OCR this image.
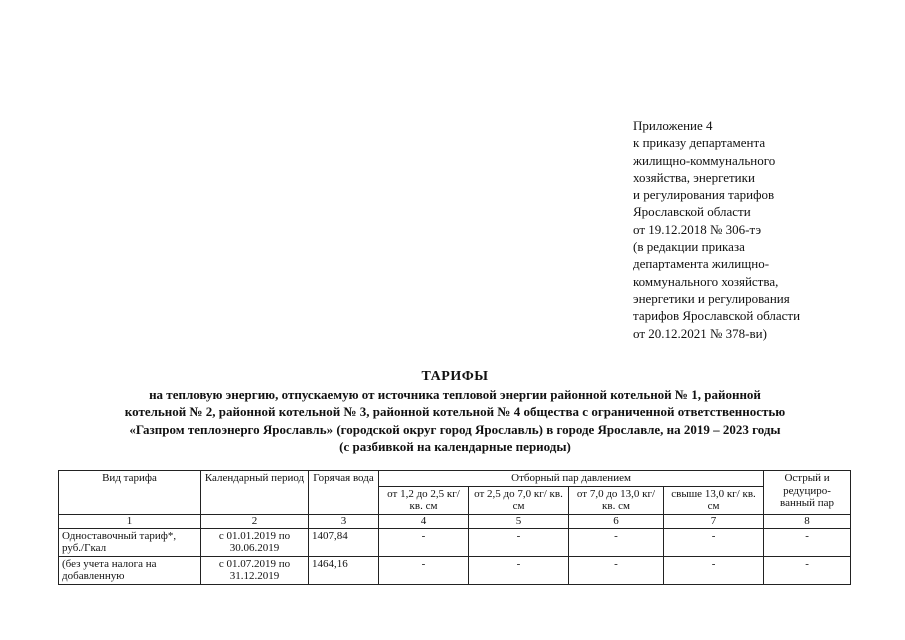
Приложение 4
к приказу департамента
жилищно-коммунального
хозяйства, энергетики
и регулирования тарифов
Ярославской области
от 19.12.2018 № 306-тэ
(в редакции приказа
департамента жилищно-
коммунального хозяйства,
энергетики и регулирования
тарифов Ярославской области
от 20.12.2021 № 378-ви)
ТАРИФЫ
на тепловую энергию, отпускаемую от источника тепловой энергии районной котельной № 1, районной
котельной № 2, районной котельной № 3, районной котельной № 4 общества с ограниченной ответственностью
«Газпром теплоэнерго Ярославль» (городской округ город Ярославль) в городе Ярославле, на 2019 – 2023 годы
(с разбивкой на календарные периоды)
Вид тарифа	Календарный период	Горячая вода	Отборный пар давлением				Острый и редуциро-ванный пар
			от 1,2 до 2,5 кг/ кв. см	от 2,5 до 7,0 кг/ кв. см	от 7,0 до 13,0 кг/кв. см	свыше 13,0 кг/ кв. см	
1	2	3	4	5	6	7	8
Одноставочный тариф*, руб./Гкал	с 01.01.2019 по 30.06.2019	1407,84	-	-	-	-	-
(без учета налога на добавленную	с 01.07.2019 по 31.12.2019	1464,16	-	-	-	-	-
